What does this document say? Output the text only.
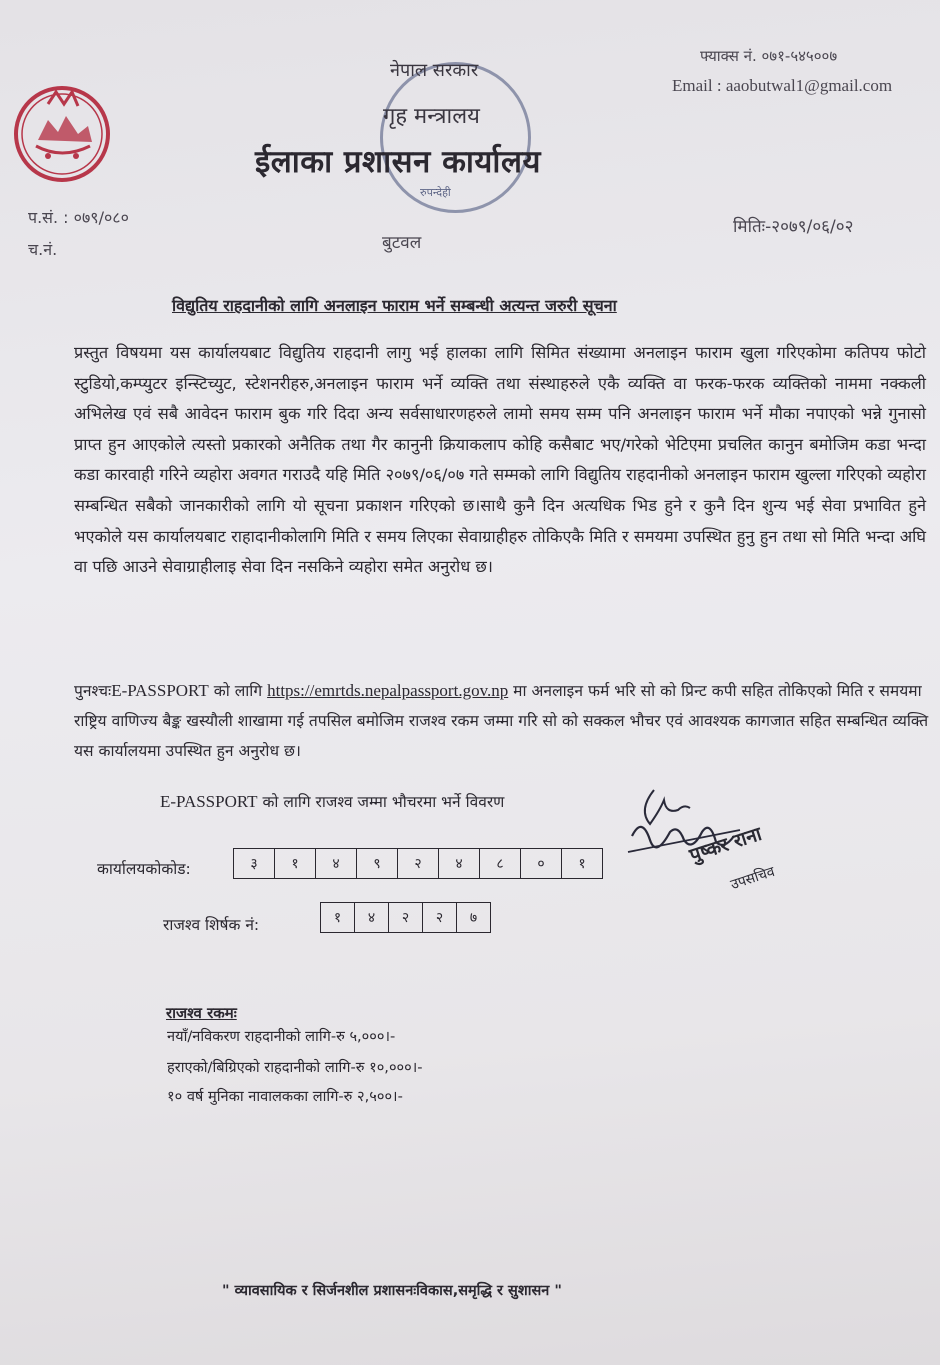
रुपन्देही
नेपाल सरकार
गृह मन्त्रालय
ईलाका प्रशासन कार्यालय
फ्याक्स नं. ०७१-५४५००७
Email : aaobutwal1@gmail.com
प.सं. : ०७९/०८०
च.नं.	बुटवल
मितिः-२०७९/०६/०२
विद्युतिय राहदानीको लागि अनलाइन फाराम भर्ने सम्बन्धी अत्यन्त जरुरी सूचना
प्रस्तुत विषयमा यस कार्यालयबाट विद्युतिय राहदानी लागु भई हालका लागि सिमित संख्यामा अनलाइन फाराम खुला गरिएकोमा कतिपय फोटो स्टुडियो,कम्प्युटर इन्स्टिच्युट, स्टेशनरीहरु,अनलाइन फाराम भर्ने व्यक्ति तथा संस्थाहरुले एकै व्यक्ति वा फरक-फरक व्यक्तिको नाममा नक्कली अभिलेख एवं सबै आवेदन फाराम बुक गरि दिदा अन्य सर्वसाधारणहरुले लामो समय सम्म पनि अनलाइन फाराम भर्ने मौका नपाएको भन्ने गुनासो प्राप्त हुन आएकोले त्यस्तो प्रकारको अनैतिक तथा गैर कानुनी क्रियाकलाप कोहि कसैबाट भए/गरेको भेटिएमा प्रचलित कानुन बमोजिम कडा भन्दा कडा कारवाही गरिने व्यहोरा अवगत गराउदै यहि मिति २०७९/०६/०७ गते सम्मको लागि विद्युतिय राहदानीको अनलाइन फाराम खुल्ला गरिएको व्यहोरा सम्बन्धित सबैको जानकारीको लागि यो सूचना प्रकाशन गरिएको छ।साथै कुनै दिन अत्यधिक भिड हुने र कुनै दिन शुन्य भई सेवा प्रभावित हुने भएकोले यस कार्यालयबाट राहादानीकोलागि मिति र समय लिएका सेवाग्राहीहरु तोकिएकै मिति र समयमा उपस्थित हुनु हुन तथा सो मिति भन्दा अघि वा पछि आउने सेवाग्राहीलाइ सेवा दिन नसकिने व्यहोरा समेत अनुरोध छ।
पुनश्चःE-PASSPORT को लागि https://emrtds.nepalpassport.gov.np मा अनलाइन फर्म भरि सो को प्रिन्ट कपी सहित तोकिएको मिति र समयमा राष्ट्रिय वाणिज्य बैङ्क खस्यौली शाखामा गई तपसिल बमोजिम राजश्व रकम जम्मा गरि सो को सक्कल भौचर एवं आवश्यक कागजात सहित सम्बन्धित व्यक्ति यस कार्यालयमा उपस्थित हुन अनुरोध छ।
E-PASSPORT को लागि राजश्व जम्मा भौचरमा भर्ने विवरण
कार्यालयकोकोड:	३	१	४	९	२	४	८	०	१
राजश्व शिर्षक नं:	१	४	२	२	७
पुष्कर राना
उपसचिव
राजश्व रकमः
नयाँ/नविकरण राहदानीको लागि-रु ५,०००।-
हराएको/बिग्रिएको राहदानीको लागि-रु १०,०००।-
१० वर्ष मुनिका नावालकका लागि-रु २,५००।-
" व्यावसायिक र सिर्जनशील प्रशासनःविकास,समृद्धि र सुशासन "
